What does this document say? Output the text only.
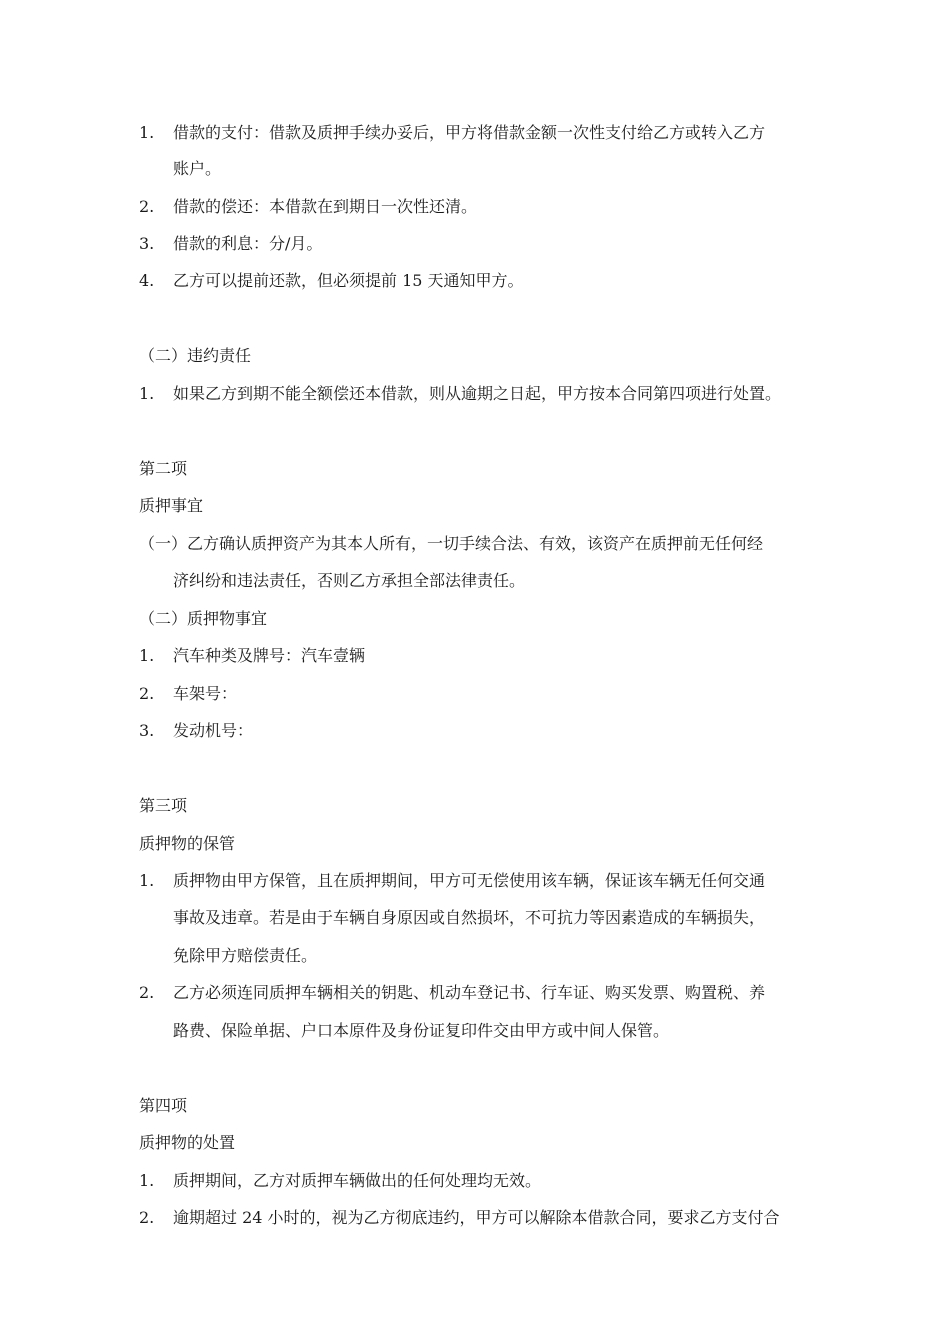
1. 借款的支付：借款及质押手续办妥后，甲方将借款金额一次性支付给乙方或转入乙方
账户。
2. 借款的偿还：本借款在到期日一次性还清。
3. 借款的利息：分/月。
4. 乙方可以提前还款，但必须提前 15 天通知甲方。
（二）违约责任
1. 如果乙方到期不能全额偿还本借款，则从逾期之日起，甲方按本合同第四项进行处置。
第二项
质押事宜
（一）乙方确认质押资产为其本人所有，一切手续合法、有效，该资产在质押前无任何经
济纠纷和违法责任，否则乙方承担全部法律责任。
（二）质押物事宜
1. 汽车种类及牌号：汽车壹辆
2. 车架号：
3. 发动机号：
第三项
质押物的保管
1. 质押物由甲方保管，且在质押期间，甲方可无偿使用该车辆，保证该车辆无任何交通
事故及违章。若是由于车辆自身原因或自然损坏，不可抗力等因素造成的车辆损失，
免除甲方赔偿责任。
2. 乙方必须连同质押车辆相关的钥匙、机动车登记书、行车证、购买发票、购置税、养
路费、保险单据、户口本原件及身份证复印件交由甲方或中间人保管。
第四项
质押物的处置
1. 质押期间，乙方对质押车辆做出的任何处理均无效。
2. 逾期超过 24 小时的，视为乙方彻底违约，甲方可以解除本借款合同，要求乙方支付合
